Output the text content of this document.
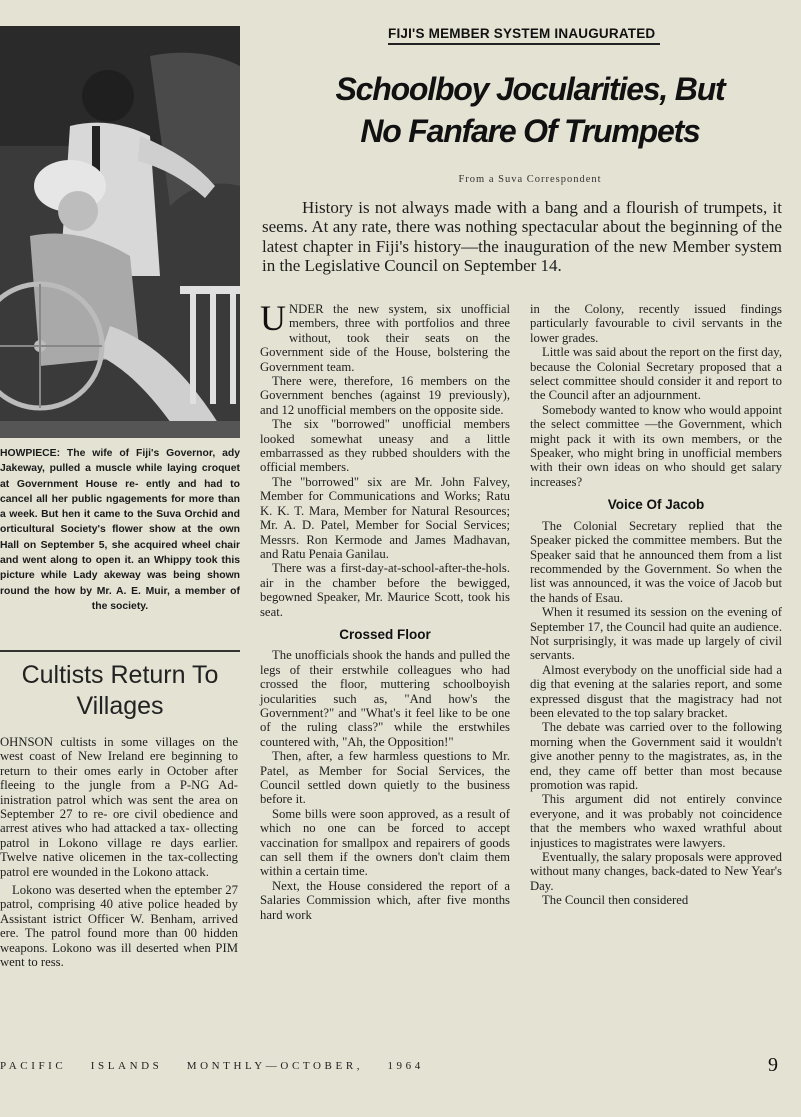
FIJI'S MEMBER SYSTEM INAUGURATED
Schoolboy Jocularities, But
No Fanfare Of Trumpets
From a Suva Correspondent
History is not always made with a bang and a flourish of trumpets, it seems. At any rate, there was nothing spectacular about the beginning of the latest chapter in Fiji's history—the inauguration of the new Member system in the Legislative Council on September 14.
HOWPIECE: The wife of Fiji's Governor, ady Jakeway, pulled a muscle while laying croquet at Government House re- ently and had to cancel all her public ngagements for more than a week. But hen it came to the Suva Orchid and orticultural Society's flower show at the own Hall on September 5, she acquired wheel chair and went along to open it. an Whippy took this picture while Lady akeway was being shown round the how by Mr. A. E. Muir, a member of the society.
Cultists Return To Villages

OHNSON cultists in some villages on the west coast of New Ireland ere beginning to return to their omes early in October after fleeing to the jungle from a P-NG Ad- inistration patrol which was sent the area on September 27 to re- ore civil obedience and arrest atives who had attacked a tax- ollecting patrol in Lokono village re days earlier. Twelve native olicemen in the tax-collecting patrol ere wounded in the Lokono attack.

Lokono was deserted when the eptember 27 patrol, comprising 40 ative police headed by Assistant istrict Officer W. Benham, arrived ere. The patrol found more than 00 hidden weapons. Lokono was ill deserted when PIM went to ress.

UNDER the new system, six unofficial members, three with portfolios and three without, took their seats on the Government side of the House, bolstering the Government team.

There were, therefore, 16 members on the Government benches (against 19 previously), and 12 unofficial members on the opposite side.

The six "borrowed" unofficial members looked somewhat uneasy and a little embarrassed as they rubbed shoulders with the official members.

The "borrowed" six are Mr. John Falvey, Member for Communications and Works; Ratu K. K. T. Mara, Member for Natural Resources; Mr. A. D. Patel, Member for Social Services; Messrs. Ron Kermode and James Madhavan, and Ratu Penaia Ganilau.

There was a first-day-at-school-after-the-hols. air in the chamber before the bewigged, begowned Speaker, Mr. Maurice Scott, took his seat.

Crossed Floor

The unofficials shook the hands and pulled the legs of their erstwhile colleagues who had crossed the floor, muttering schoolboyish jocularities such as, "And how's the Government?" and "What's it feel like to be one of the ruling class?" while the erstwhiles countered with, "Ah, the Opposition!"

Then, after, a few harmless questions to Mr. Patel, as Member for Social Services, the Council settled down quietly to the business before it.

Some bills were soon approved, as a result of which no one can be forced to accept vaccination for smallpox and repairers of goods can sell them if the owners don't claim them within a certain time.

Next, the House considered the report of a Salaries Commission which, after five months hard work

in the Colony, recently issued findings particularly favourable to civil servants in the lower grades.

Little was said about the report on the first day, because the Colonial Secretary proposed that a select committee should consider it and report to the Council after an adjournment.

Somebody wanted to know who would appoint the select committee —the Government, which might pack it with its own members, or the Speaker, who might bring in unofficial members with their own ideas on who should get salary increases?

Voice Of Jacob

The Colonial Secretary replied that the Speaker picked the committee members. But the Speaker said that he announced them from a list recommended by the Government. So when the list was announced, it was the voice of Jacob but the hands of Esau.

When it resumed its session on the evening of September 17, the Council had quite an audience. Not surprisingly, it was made up largely of civil servants.

Almost everybody on the unofficial side had a dig that evening at the salaries report, and some expressed disgust that the magistracy had not been elevated to the top salary bracket.

The debate was carried over to the following morning when the Government said it wouldn't give another penny to the magistrates, as, in the end, they came off better than most because promotion was rapid.

This argument did not entirely convince everyone, and it was probably not coincidence that the members who waxed wrathful about injustices to magistrates were lawyers.

Eventually, the salary proposals were approved without many changes, back-dated to New Year's Day.

The Council then considered

PACIFIC ISLANDS MONTHLY—OCTOBER, 1964	9
